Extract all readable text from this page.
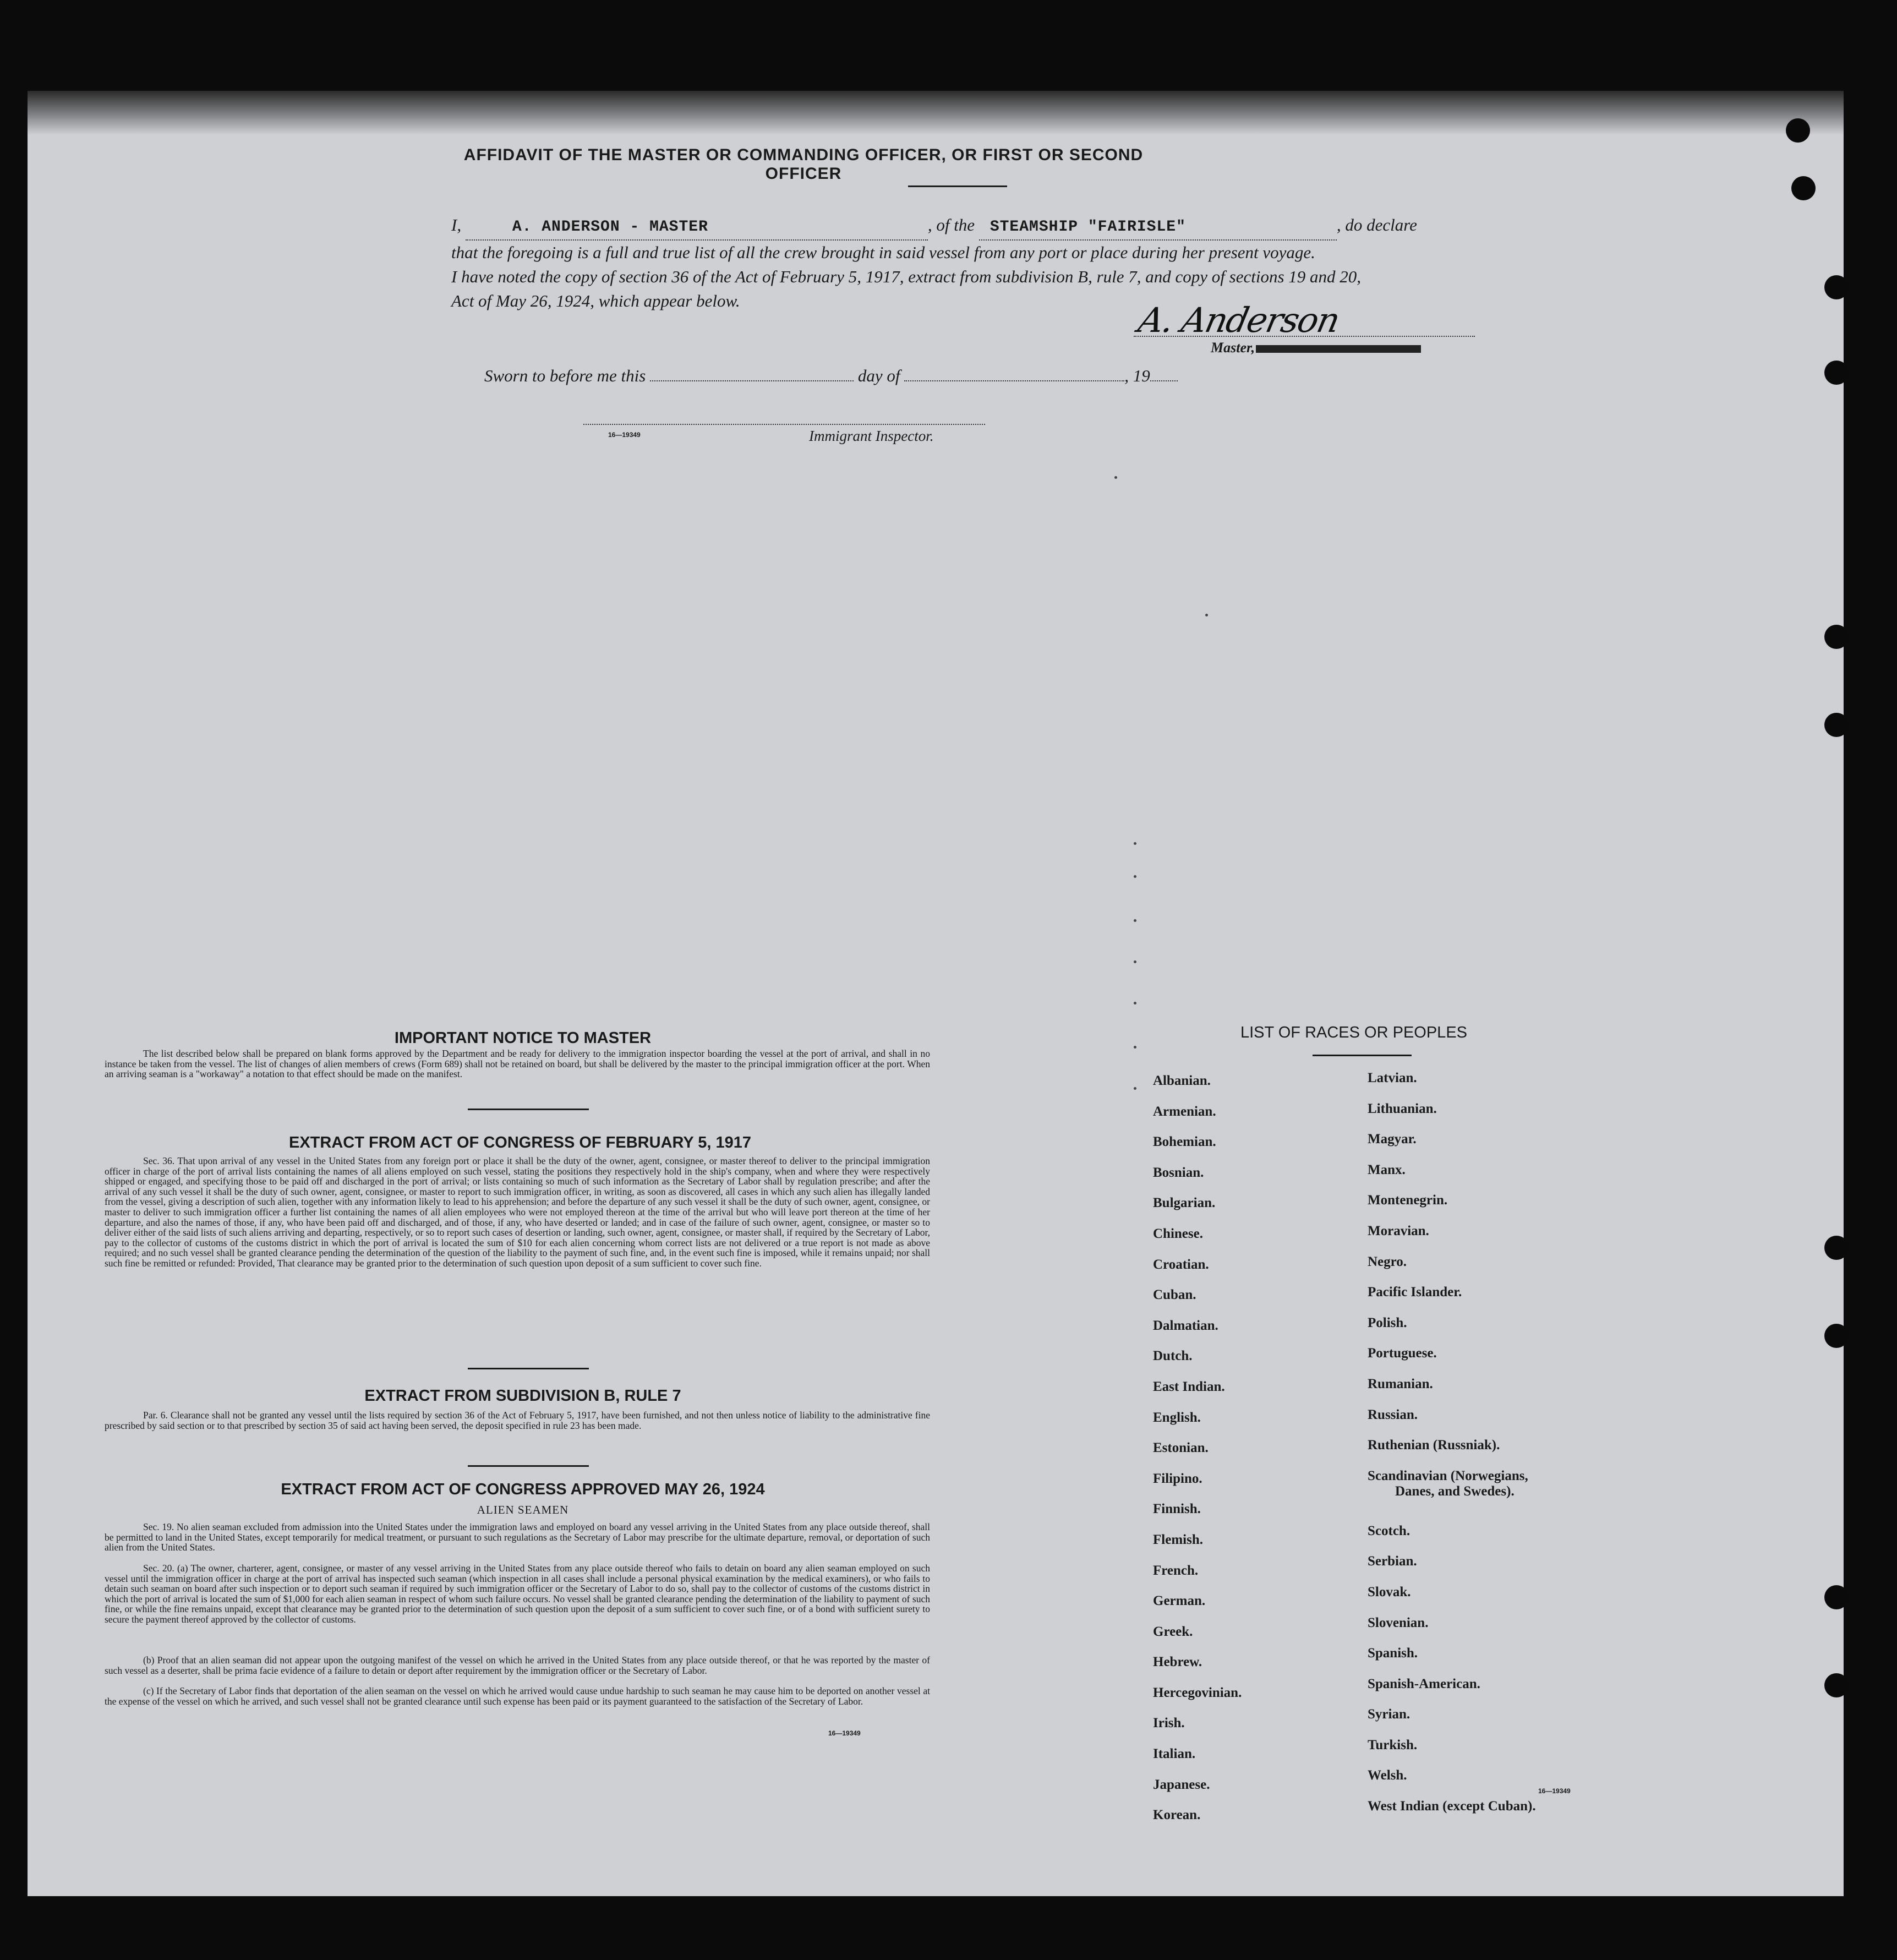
AFFIDAVIT OF THE MASTER OR COMMANDING OFFICER, OR FIRST OR SECOND OFFICER
I,	A. ANDERSON - MASTER	, of the STEAMSHIP "FAIRISLE"	, do declare
that the foregoing is a full and true list of all the crew brought in said vessel from any port or place during her present voyage.
I have noted the copy of section 36 of the Act of February 5, 1917, extract from subdivision B, rule 7, and copy of sections 19 and 20,
Act of May 26, 1924, which appear below.	A. Anderson
Master,
Sworn to before me this	day of	, 19
16—19349	Immigrant Inspector.
IMPORTANT NOTICE TO MASTER
The list described below shall be prepared on blank forms approved by the Department and be ready for delivery to the immigration inspector boarding the vessel at the port of arrival, and shall in no instance be taken from the vessel. The list of changes of alien members of crews (Form 689) shall not be retained on board, but shall be delivered by the master to the principal immigration officer at the port. When an arriving seaman is a "workaway" a notation to that effect should be made on the manifest.
EXTRACT FROM ACT OF CONGRESS OF FEBRUARY 5, 1917
Sec. 36. That upon arrival of any vessel in the United States from any foreign port or place it shall be the duty of the owner, agent, consignee, or master thereof to deliver to the principal immigration officer in charge of the port of arrival lists containing the names of all aliens employed on such vessel, stating the positions they respectively hold in the ship's company, when and where they were respectively shipped or engaged, and specifying those to be paid off and discharged in the port of arrival; or lists containing so much of such information as the Secretary of Labor shall by regulation prescribe; and after the arrival of any such vessel it shall be the duty of such owner, agent, consignee, or master to report to such immigration officer, in writing, as soon as discovered, all cases in which any such alien has illegally landed from the vessel, giving a description of such alien, together with any information likely to lead to his apprehension; and before the departure of any such vessel it shall be the duty of such owner, agent, consignee, or master to deliver to such immigration officer a further list containing the names of all alien employees who were not employed thereon at the time of the arrival but who will leave port thereon at the time of her departure, and also the names of those, if any, who have been paid off and discharged, and of those, if any, who have deserted or landed; and in case of the failure of such owner, agent, consignee, or master so to deliver either of the said lists of such aliens arriving and departing, respectively, or so to report such cases of desertion or landing, such owner, agent, consignee, or master shall, if required by the Secretary of Labor, pay to the collector of customs of the customs district in which the port of arrival is located the sum of $10 for each alien concerning whom correct lists are not delivered or a true report is not made as above required; and no such vessel shall be granted clearance pending the determination of the question of the liability to the payment of such fine, and, in the event such fine is imposed, while it remains unpaid; nor shall such fine be remitted or refunded: Provided, That clearance may be granted prior to the determination of such question upon deposit of a sum sufficient to cover such fine.
EXTRACT FROM SUBDIVISION B, RULE 7
Par. 6. Clearance shall not be granted any vessel until the lists required by section 36 of the Act of February 5, 1917, have been furnished, and not then unless notice of liability to the administrative fine prescribed by said section or to that prescribed by section 35 of said act having been served, the deposit specified in rule 23 has been made.
EXTRACT FROM ACT OF CONGRESS APPROVED MAY 26, 1924
ALIEN SEAMEN
Sec. 19. No alien seaman excluded from admission into the United States under the immigration laws and employed on board any vessel arriving in the United States from any place outside thereof, shall be permitted to land in the United States, except temporarily for medical treatment, or pursuant to such regulations as the Secretary of Labor may prescribe for the ultimate departure, removal, or deportation of such alien from the United States.
Sec. 20. (a) The owner, charterer, agent, consignee, or master of any vessel arriving in the United States from any place outside thereof who fails to detain on board any alien seaman employed on such vessel until the immigration officer in charge at the port of arrival has inspected such seaman (which inspection in all cases shall include a personal physical examination by the medical examiners), or who fails to detain such seaman on board after such inspection or to deport such seaman if required by such immigration officer or the Secretary of Labor to do so, shall pay to the collector of customs of the customs district in which the port of arrival is located the sum of $1,000 for each alien seaman in respect of whom such failure occurs. No vessel shall be granted clearance pending the determination of the liability to payment of such fine, or while the fine remains unpaid, except that clearance may be granted prior to the determination of such question upon the deposit of a sum sufficient to cover such fine, or of a bond with sufficient surety to secure the payment thereof approved by the collector of customs.
(b) Proof that an alien seaman did not appear upon the outgoing manifest of the vessel on which he arrived in the United States from any place outside thereof, or that he was reported by the master of such vessel as a deserter, shall be prima facie evidence of a failure to detain or deport after requirement by the immigration officer or the Secretary of Labor.
(c) If the Secretary of Labor finds that deportation of the alien seaman on the vessel on which he arrived would cause undue hardship to such seaman he may cause him to be deported on another vessel at the expense of the vessel on which he arrived, and such vessel shall not be granted clearance until such expense has been paid or its payment guaranteed to the satisfaction of the Secretary of Labor.
16—19349
LIST OF RACES OR PEOPLES
Albanian.
Armenian.
Bohemian.
Bosnian.
Bulgarian.
Chinese.
Croatian.
Cuban.
Dalmatian.
Dutch.
East Indian.
English.
Estonian.
Filipino.
Finnish.
Flemish.
French.
German.
Greek.
Hebrew.
Hercegovinian.
Irish.
Italian.
Japanese.
Korean.
Latvian.
Lithuanian.
Magyar.
Manx.
Montenegrin.
Moravian.
Negro.
Pacific Islander.
Polish.
Portuguese.
Rumanian.
Russian.
Ruthenian (Russniak).
Scandinavian (Norwegians,
Danes, and Swedes).
Scotch.
Serbian.
Slovak.
Slovenian.
Spanish.
Spanish-American.
Syrian.
Turkish.
Welsh.
West Indian (except Cuban).
16—19349
